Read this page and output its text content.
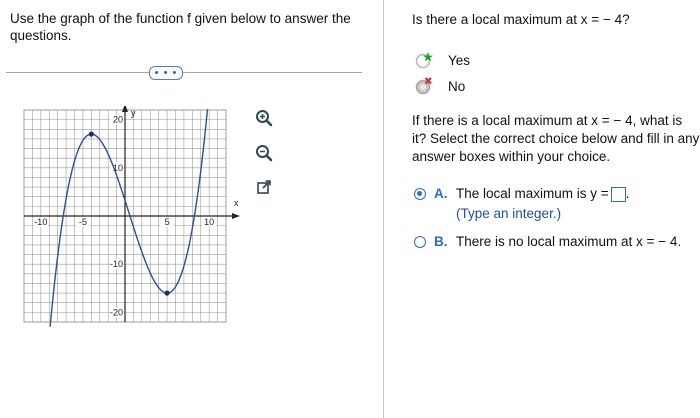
Use the graph of the function f given below to answer the questions.
• • •
x
y
-10	-5	5	10
20
10
-10
-20
Is there a local maximum at x = − 4?
Yes
No
If there is a local maximum at x = − 4, what is it? Select the correct choice below and fill in any answer boxes within your choice.
A. The local maximum is y = .
(Type an integer.)
B. There is no local maximum at x = − 4.
